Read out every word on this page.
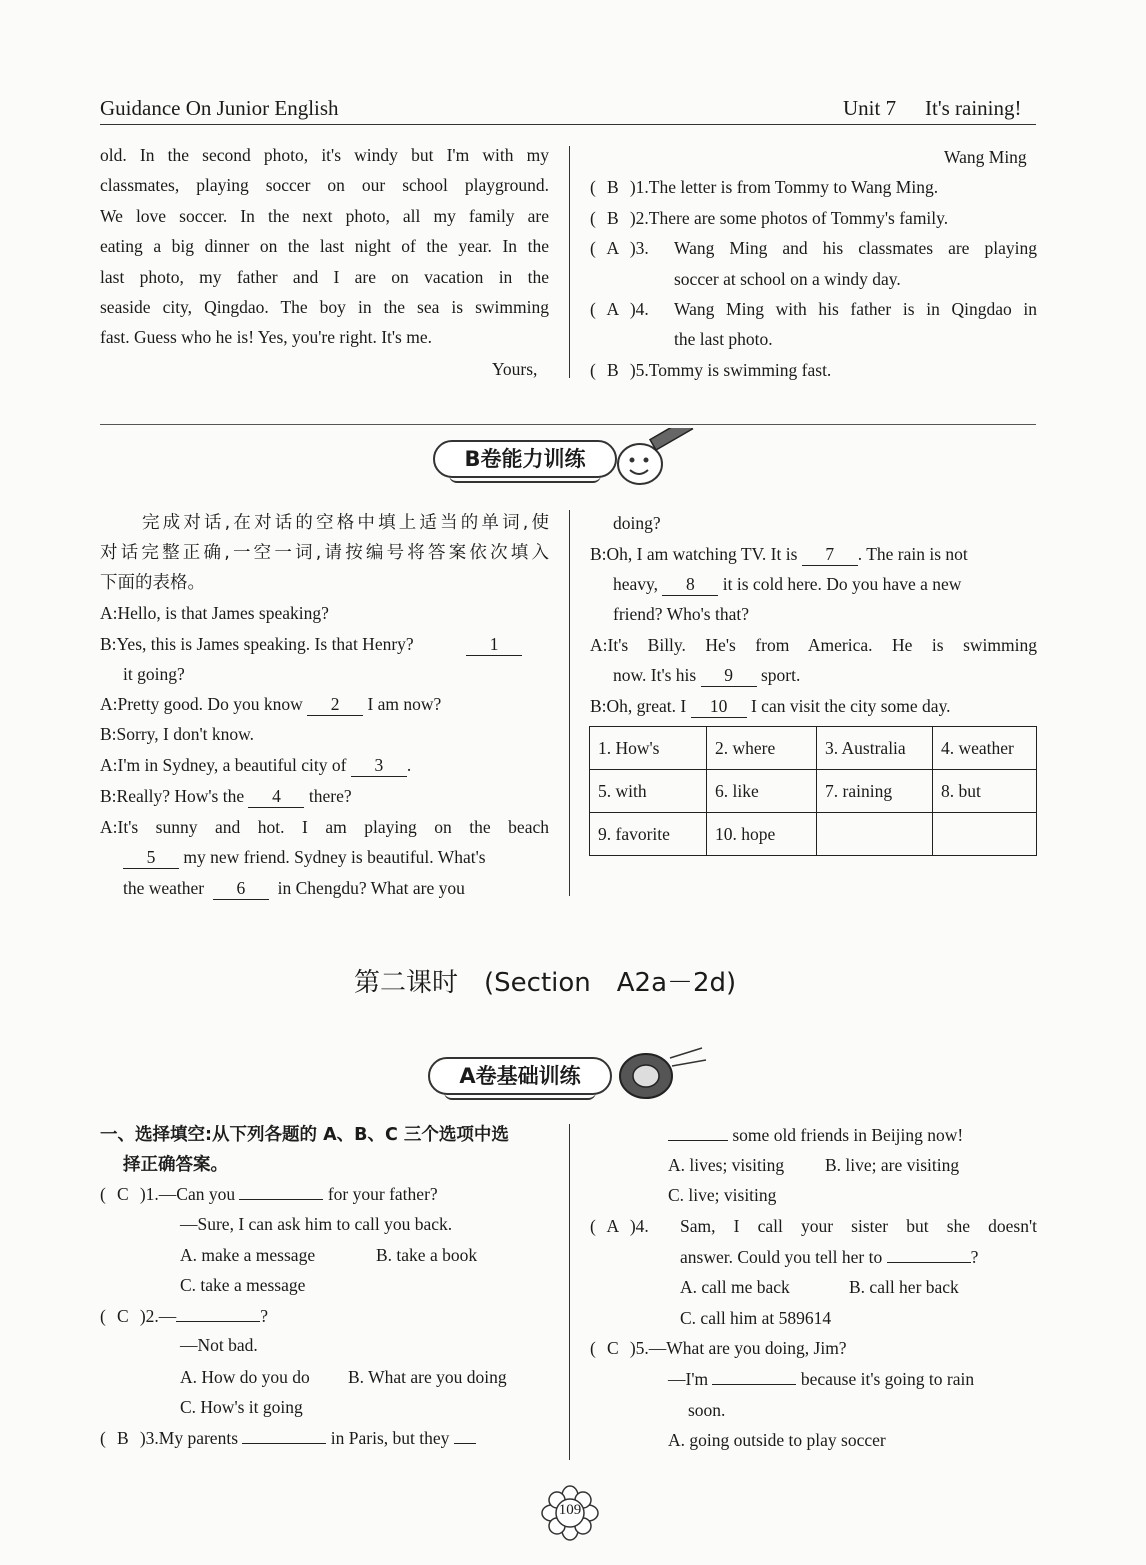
Guidance On Junior English	Unit 7 It's raining!
old. In the second photo, it's windy but I'm with my
classmates, playing soccer on our school playground.
We love soccer. In the next photo, all my family are
eating a big dinner on the last night of the year. In the
last photo, my father and I are on vacation in the
seaside city, Qingdao. The boy in the sea is swimming
fast. Guess who he is! Yes, you're right. It's me.
Yours,
Wang Ming
( B )1.The letter is from Tommy to Wang Ming.
( B )2.There are some photos of Tommy's family.
( A )3. Wang Ming and his classmates are playing
soccer at school on a windy day.
( A )4. Wang Ming with his father is in Qingdao in
the last photo.
( B )5.Tommy is swimming fast.
B卷能力训练
完成对话,在对话的空格中填上适当的单词,使
对话完整正确,一空一词,请按编号将答案依次填入
下面的表格。
A:Hello, is that James speaking?
B:Yes, this is James speaking. Is that Henry?	1
it going?
A:Pretty good. Do you know 2 I am now?
B:Sorry, I don't know.
A:I'm in Sydney, a beautiful city of 3 .
B:Really? How's the 4 there?
A:It's sunny and hot. I am playing on the beach
5 my new friend. Sydney is beautiful. What's
the weather 6 in Chengdu? What are you
doing?
B:Oh, I am watching TV. It is 7 . The rain is not
heavy, 8 it is cold here. Do you have a new
friend? Who's that?
A:It's Billy. He's from America. He is swimming
now. It's his 9 sport.
B:Oh, great. I 10 I can visit the city some day.
1. How's	2. where	3. Australia	4. weather
5. with	6. like	7. raining	8. but
9. favorite	10. hope		
第二课时　(Section　A2a－2d)
A卷基础训练
一、选择填空:从下列各题的 A、B、C 三个选项中选
择正确答案。
( C )1.—Can you	for your father?
—Sure, I can ask him to call you back.
A. make a message	B. take a book
C. take a message
( C )2.—	?
—Not bad.
A. How do you do B. What are you doing
C. How's it going
( B )3.My parents	in Paris, but they
some old friends in Beijing now!
A. lives; visiting B. live; are visiting
C. live; visiting
( A )4. Sam, I call your sister but she doesn't
answer. Could you tell her to	?
A. call me back	B. call her back
C. call him at 589614
( C )5.—What are you doing, Jim?
—I'm	because it's going to rain
soon.
A. going outside to play soccer
109
